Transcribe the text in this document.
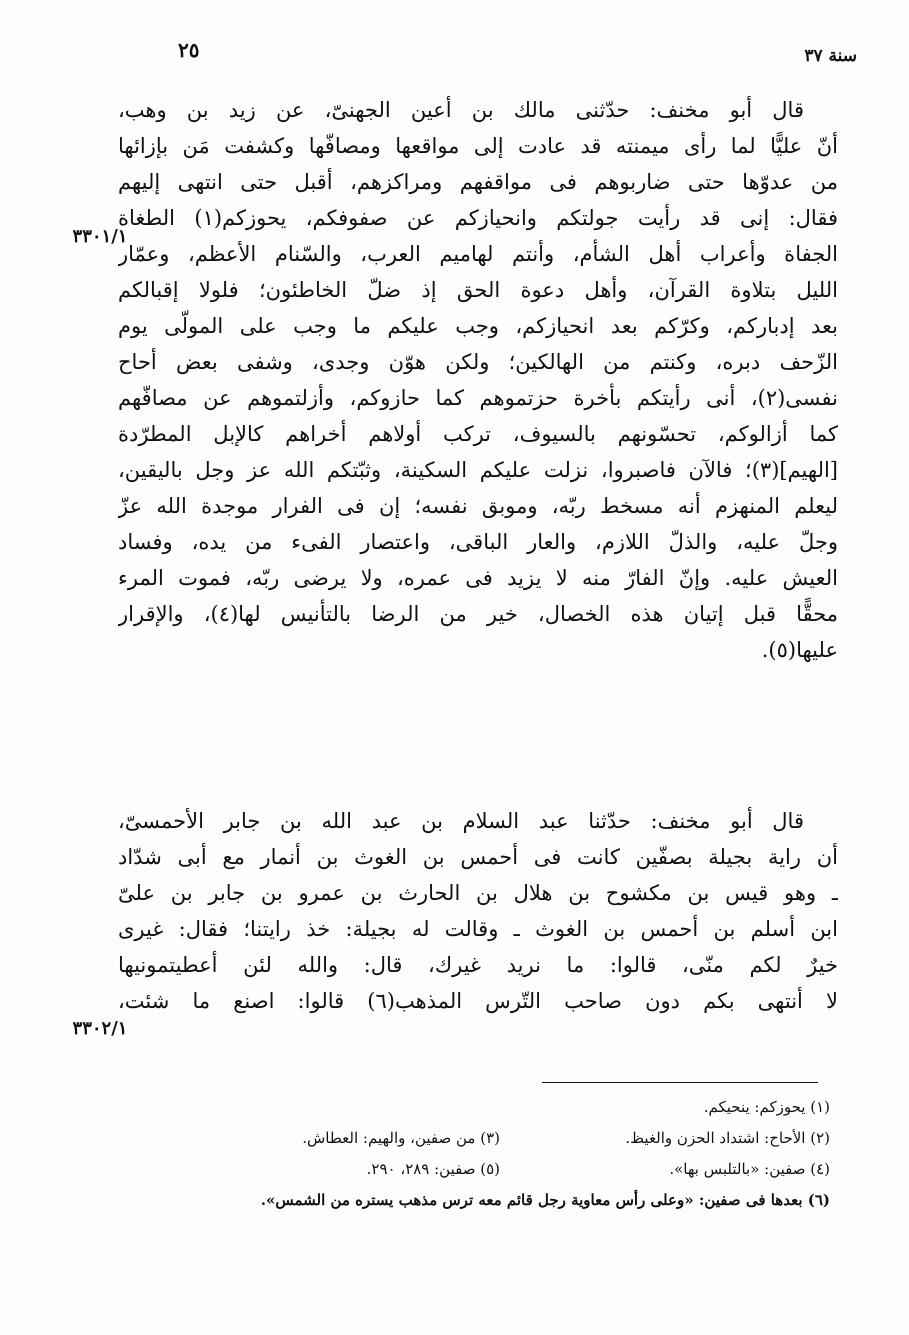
٢٥	سنة ٣٧
٣٣٠١/١
٣٣٠٢/١
قال أبو مخنف: حدّثنى مالك بن أعين الجهنىّ، عن زيد بن وهب،
أنّ عليًّا لما رأى ميمنته قد عادت إلى مواقعها ومصافّها وكشفت مَن بإزائها
من عدوّها حتى ضاربوهم فى مواقفهم ومراكزهم، أقبل حتى انتهى إليهم
فقال: إنى قد رأيت جولتكم وانحيازكم عن صفوفكم، يحوزكم(١) الطغاة
الجفاة وأعراب أهل الشأم، وأنتم لهاميم العرب، والسّنام الأعظم، وعمّار
الليل بتلاوة القرآن، وأهل دعوة الحق إذ ضلّ الخاطئون؛ فلولا إقبالكم
بعد إدباركم، وكرّكم بعد انحيازكم، وجب عليكم ما وجب على المولّى يوم
الزّحف دبره، وكنتم من الهالكين؛ ولكن هوّن وجدى، وشفى بعض أحاح
نفسى(٢)، أنى رأيتكم بأخرة حزتموهم كما حازوكم، وأزلتموهم عن مصافّهم
كما أزالوكم، تحسّونهم بالسيوف، تركب أولاهم أخراهم كالإبل المطرّدة
[الهيم](٣)؛ فالآن فاصبروا، نزلت عليكم السكينة، وثبّتكم الله عز وجل باليقين،
ليعلم المنهزم أنه مسخط ربّه، وموبق نفسه؛ إن فى الفرار موجدة الله عزّ
وجلّ عليه، والذلّ اللازم، والعار الباقى، واعتصار الفىء من يده، وفساد
العيش عليه. وإنّ الفارّ منه لا يزيد فى عمره، ولا يرضى ربّه، فموت المرء
محقًّا قبل إتيان هذه الخصال، خير من الرضا بالتأنيس لها(٤)، والإقرار
عليها(٥).
قال أبو مخنف: حدّثنا عبد السلام بن عبد الله بن جابر الأحمسىّ،
أن راية بجيلة بصفّين كانت فى أحمس بن الغوث بن أنمار مع أبى شدّاد
ـ وهو قيس بن مكشوح بن هلال بن الحارث بن عمرو بن جابر بن علىّ
ابن أسلم بن أحمس بن الغوث ـ وقالت له بجيلة: خذ رايتنا؛ فقال: غيرى
خيرٌ لكم منّى، قالوا: ما نريد غيرك، قال: والله لئن أعطيتمونيها
لا أنتهى بكم دون صاحب التّرس المذهب(٦) قالوا: اصنع ما شئت،
(١) يحوزكم: ينحيكم.
(٢) الأحاح: اشتداد الحزن والغيظ.
(٣) من صفين، والهيم: العطاش.
(٤) صفين: «بالتلبس بها».
(٥) صفين: ٢٨٩، ٢٩٠.
(٦) بعدها فى صفين: «وعلى رأس معاوية رجل قائم معه ترس مذهب يستره من الشمس».
